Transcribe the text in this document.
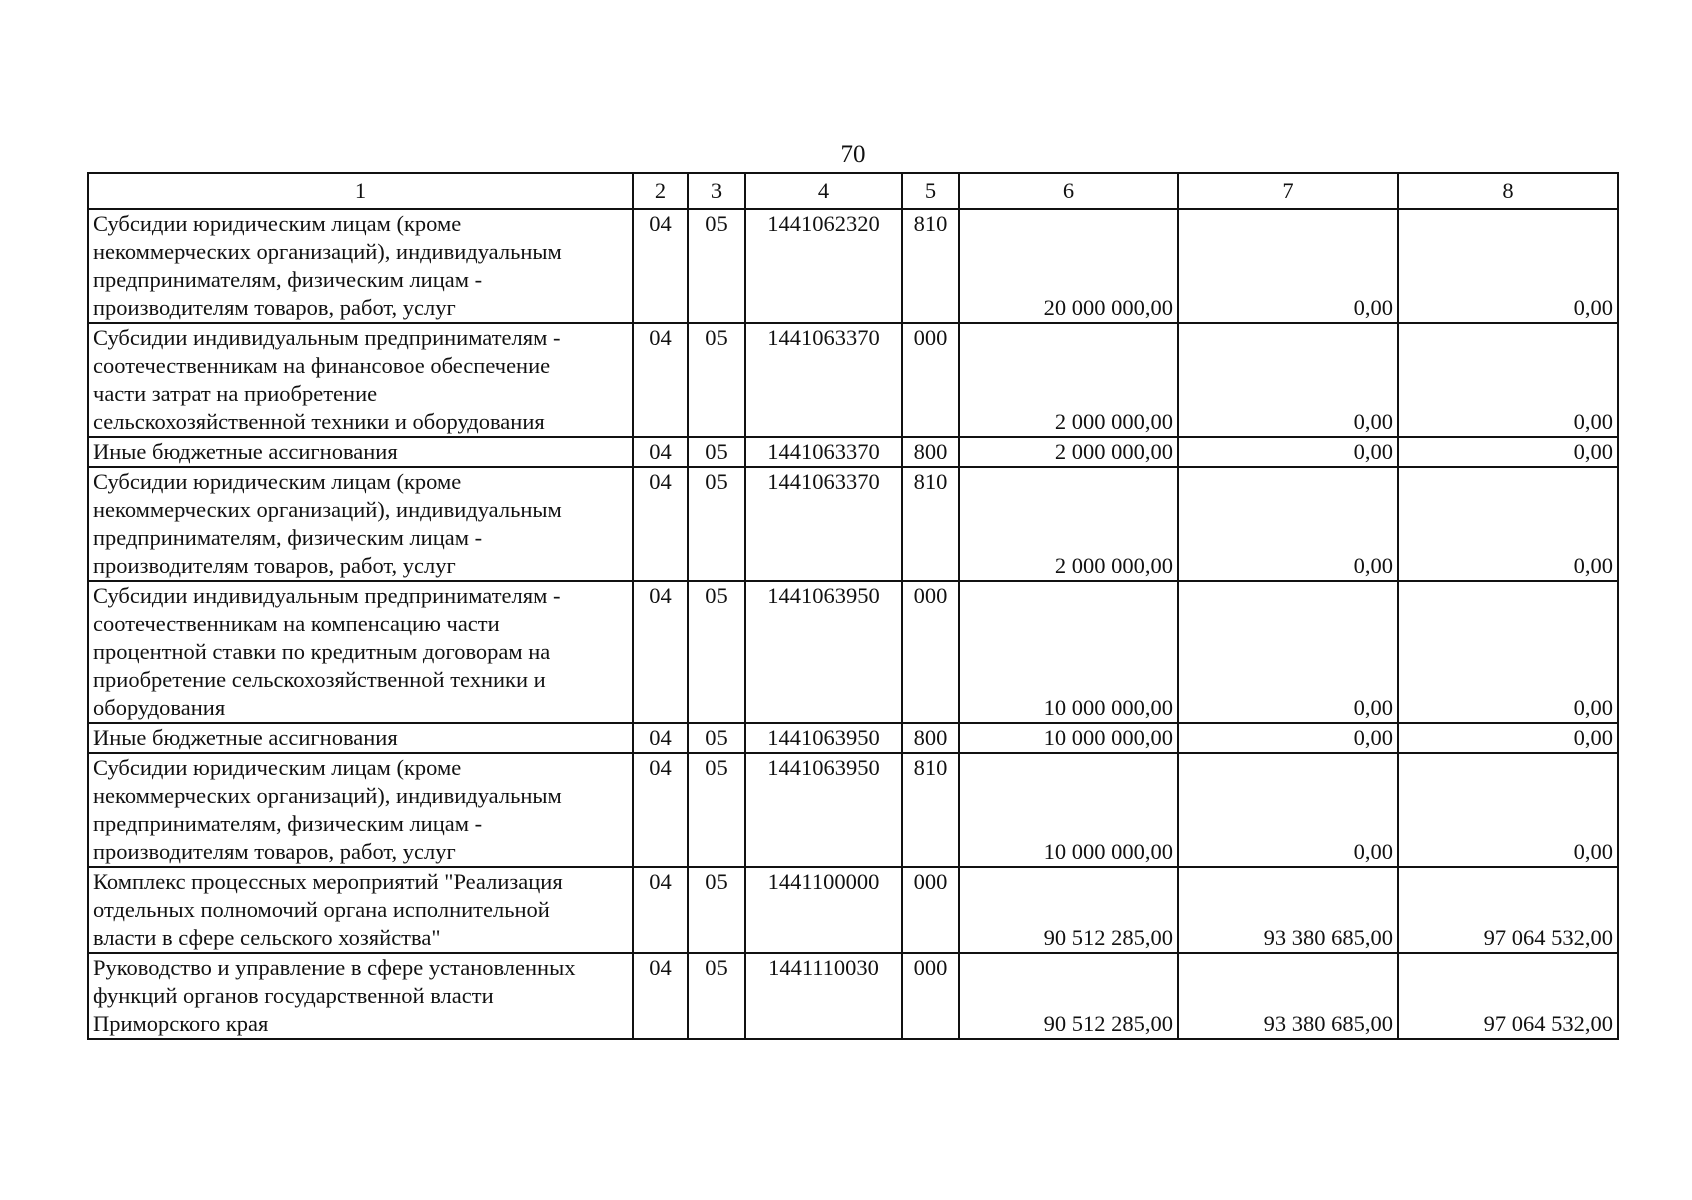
70
1	2	3	4	5	6	7	8
Субсидии юридическим лицам (кроме
некоммерческих организаций), индивидуальным
предпринимателям, физическим лицам -
производителям товаров, работ, услуг	04	05	1441062320	810	20 000 000,00	0,00	0,00
Субсидии индивидуальным предпринимателям -
соотечественникам на финансовое обеспечение
части затрат на приобретение
сельскохозяйственной техники и оборудования	04	05	1441063370	000	2 000 000,00	0,00	0,00
Иные бюджетные ассигнования	04	05	1441063370	800	2 000 000,00	0,00	0,00
Субсидии юридическим лицам (кроме
некоммерческих организаций), индивидуальным
предпринимателям, физическим лицам -
производителям товаров, работ, услуг	04	05	1441063370	810	2 000 000,00	0,00	0,00
Субсидии индивидуальным предпринимателям -
соотечественникам на компенсацию части
процентной ставки по кредитным договорам на
приобретение сельскохозяйственной техники и
оборудования	04	05	1441063950	000	10 000 000,00	0,00	0,00
Иные бюджетные ассигнования	04	05	1441063950	800	10 000 000,00	0,00	0,00
Субсидии юридическим лицам (кроме
некоммерческих организаций), индивидуальным
предпринимателям, физическим лицам -
производителям товаров, работ, услуг	04	05	1441063950	810	10 000 000,00	0,00	0,00
Комплекс процессных мероприятий "Реализация
отдельных полномочий органа исполнительной
власти в сфере сельского хозяйства"	04	05	1441100000	000	90 512 285,00	93 380 685,00	97 064 532,00
Руководство и управление в сфере установленных
функций органов государственной власти
Приморского края	04	05	1441110030	000	90 512 285,00	93 380 685,00	97 064 532,00
